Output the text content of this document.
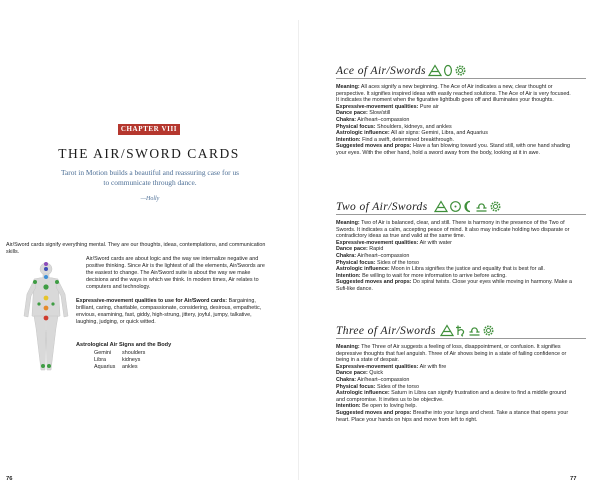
CHAPTER VIII
THE AIR/SWORD CARDS
Tarot in Motion builds a beautiful and reassuring case for us to communicate through dance.
—Holly
Air/Sword cards signify everything mental. They are our thoughts, ideas, contemplations, and communication skills.
Air/Sword cards are about logic and the way we internalize negative and positive thinking. Since Air is the lightest of all the elements, Air/Swords are the easiest to change. The Air/Sword suite is about the way we make decisions and the ways in which we think. In modern times, Air relates to computers and technology.
Expressive-movement qualities to use for Air/Sword cards: Bargaining, brilliant, caring, charitable, compassionate, considering, desirous, empathetic, envious, examining, fast, giddy, high-strung, jittery, joyful, jumpy, talkative, laughing, judging, or quick witted.
Astrological Air Signs and the Body
Gemini shoulders
Libra	kidneys
Aquarius ankles
76
Ace of Air/Swords
Meaning: All aces signify a new beginning. The Ace of Air indicates a new, clear thought or perspective. It signifies inspired ideas with easily reached solutions. The Ace of Air is very focused. It indicates the moment when the figurative lightbulb goes off and illuminates your thoughts.
Expressive-movement qualities: Pure air
Dance pace: Slow/still
Chakra: Air/heart–compassion
Physical focus: Shoulders, kidneys, and ankles
Astrologic influence: All air signs: Gemini, Libra, and Aquarius
Intention: Find a swift, determined breakthrough.
Suggested moves and props: Have a fan blowing toward you. Stand still, with one hand shading your eyes. With the other hand, hold a sword away from the body, looking at it in awe.
Two of Air/Swords
Meaning: Two of Air is balanced, clear, and still. There is harmony in the presence of the Two of Swords. It indicates a calm, accepting peace of mind. It also may indicate holding two disparate or contradictory ideas as true and valid at the same time.
Expressive-movement qualities: Air with water
Dance pace: Rapid
Chakra: Air/heart–compassion
Physical focus: Sides of the torso
Astrologic influence: Moon in Libra signifies the justice and equality that is best for all.
Intention: Be willing to wait for more information to arrive before acting.
Suggested moves and props: Do spiral twists. Close your eyes while moving in harmony. Make a Sufi-like dance.
Three of Air/Swords
Meaning: The Three of Air suggests a feeling of loss, disappointment, or confusion. It signifies depressive thoughts that fuel anguish. Three of Air shows being in a state of failing confidence or being in a state of despair.
Expressive-movement qualities: Air with fire
Dance pace: Quick
Chakra: Air/heart–compassion
Physical focus: Sides of the torso
Astrologic influence: Saturn in Libra can signify frustration and a desire to find a middle ground and compromise. It invites us to be objective.
Intention: Be open to loving help.
Suggested moves and props: Breathe into your lungs and chest. Take a stance that opens your heart. Place your hands on hips and move from left to right.
77
